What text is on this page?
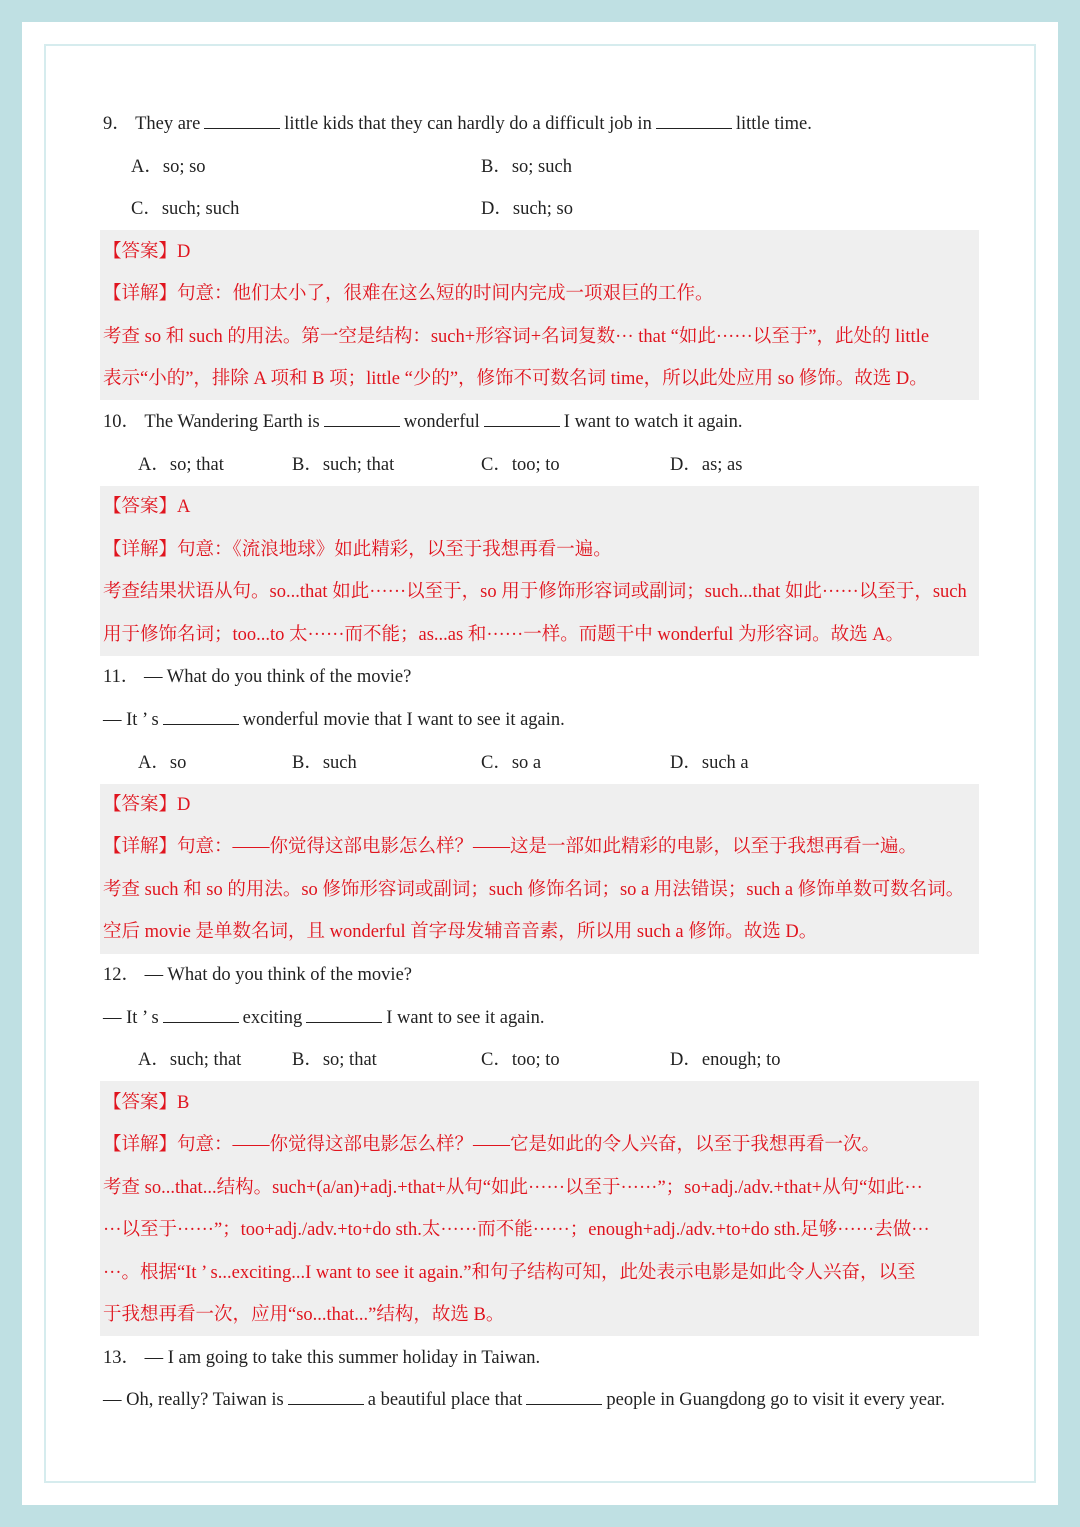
9． They are	little kids that they can hardly do a difficult job in	little time.
A．so; so	B．so; such
C．such; such	D．such; so
【答案】D
【详解】句意：他们太小了，很难在这么短的时间内完成一项艰巨的工作。
考查 so 和 such 的用法。第一空是结构：such+形容词+名词复数··· that “如此······以至于”，此处的 little
表示“小的”，排除 A 项和 B 项；little “少的”，修饰不可数名词 time，所以此处应用 so 修饰。故选 D。
10． The Wandering Earth is	wonderful	I want to watch it again.
A．so; that	B．such; that	C．too; to	D．as; as
【答案】A
【详解】句意：《流浪地球》如此精彩，以至于我想再看一遍。
考查结果状语从句。so...that 如此······以至于，so 用于修饰形容词或副词；such...that 如此······以至于，such
用于修饰名词；too...to 太······而不能；as...as 和······一样。而题干中 wonderful 为形容词。故选 A。
11． — What do you think of the movie?
— It ’ s	wonderful movie that I want to see it again.
A．so	B．such	C．so a	D．such a
【答案】D
【详解】句意：——你觉得这部电影怎么样？——这是一部如此精彩的电影，以至于我想再看一遍。
考查 such 和 so 的用法。so 修饰形容词或副词；such 修饰名词；so a 用法错误；such a 修饰单数可数名词。
空后 movie 是单数名词，且 wonderful 首字母发辅音音素，所以用 such a 修饰。故选 D。
12． — What do you think of the movie?
— It ’ s	exciting	I want to see it again.
A．such; that	B．so; that	C．too; to	D．enough; to
【答案】B
【详解】句意：——你觉得这部电影怎么样？——它是如此的令人兴奋，以至于我想再看一次。
考查 so...that...结构。such+(a/an)+adj.+that+从句“如此······以至于······”；so+adj./adv.+that+从句“如此···
···以至于······”；too+adj./adv.+to+do sth.太······而不能······；enough+adj./adv.+to+do sth.足够······去做···
···。根据“It ’ s...exciting...I want to see it again.”和句子结构可知，此处表示电影是如此令人兴奋，以至
于我想再看一次，应用“so...that...”结构，故选 B。
13． — I am going to take this summer holiday in Taiwan.
— Oh, really? Taiwan is	a beautiful place that	people in Guangdong go to visit it every year.
